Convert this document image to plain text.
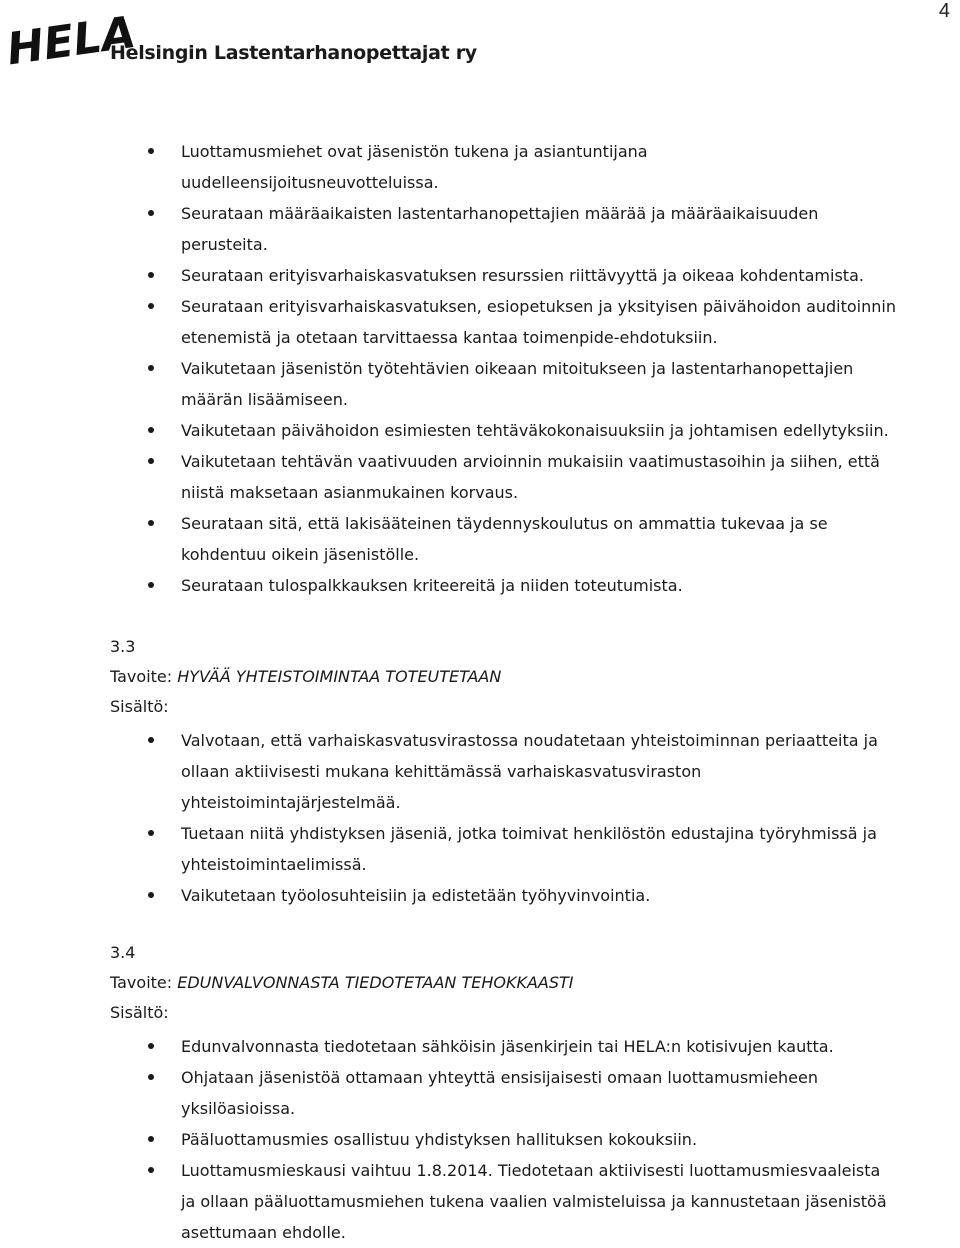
HELA
Helsingin Lastentarhanopettajat ry
4
Luottamusmiehet ovat jäsenistön tukena ja asiantuntijana
uudelleensijoitusneuvotteluissa.
Seurataan määräaikaisten lastentarhanopettajien määrää ja määräaikaisuuden
perusteita.
Seurataan erityisvarhaiskasvatuksen resurssien riittävyyttä ja oikeaa kohdentamista.
Seurataan erityisvarhaiskasvatuksen, esiopetuksen ja yksityisen päivähoidon auditoinnin
etenemistä ja otetaan tarvittaessa kantaa toimenpide-ehdotuksiin.
Vaikutetaan jäsenistön työtehtävien oikeaan mitoitukseen ja lastentarhanopettajien
määrän lisäämiseen.
Vaikutetaan päivähoidon esimiesten tehtäväkokonaisuuksiin ja johtamisen edellytyksiin.
Vaikutetaan tehtävän vaativuuden arvioinnin mukaisiin vaatimustasoihin ja siihen, että
niistä maksetaan asianmukainen korvaus.
Seurataan sitä, että lakisääteinen täydennyskoulutus on ammattia tukevaa ja se
kohdentuu oikein jäsenistölle.
Seurataan tulospalkkauksen kriteereitä ja niiden toteutumista.
3.3
Tavoite: HYVÄÄ YHTEISTOIMINTAA TOTEUTETAAN
Sisältö:
Valvotaan, että varhaiskasvatusvirastossa noudatetaan yhteistoiminnan periaatteita ja
ollaan aktiivisesti mukana kehittämässä varhaiskasvatusviraston
yhteistoimintajärjestelmää.
Tuetaan niitä yhdistyksen jäseniä, jotka toimivat henkilöstön edustajina työryhmissä ja
yhteistoimintaelimissä.
Vaikutetaan työolosuhteisiin ja edistetään työhyvinvointia.
3.4
Tavoite: EDUNVALVONNASTA TIEDOTETAAN TEHOKKAASTI
Sisältö:
Edunvalvonnasta tiedotetaan sähköisin jäsenkirjein tai HELA:n kotisivujen kautta.
Ohjataan jäsenistöä ottamaan yhteyttä ensisijaisesti omaan luottamusmieheen
yksilöasioissa.
Pääluottamusmies osallistuu yhdistyksen hallituksen kokouksiin.
Luottamusmieskausi vaihtuu 1.8.2014. Tiedotetaan aktiivisesti luottamusmiesvaaleista
ja ollaan pääluottamusmiehen tukena vaalien valmisteluissa ja kannustetaan jäsenistöä
asettumaan ehdolle.
